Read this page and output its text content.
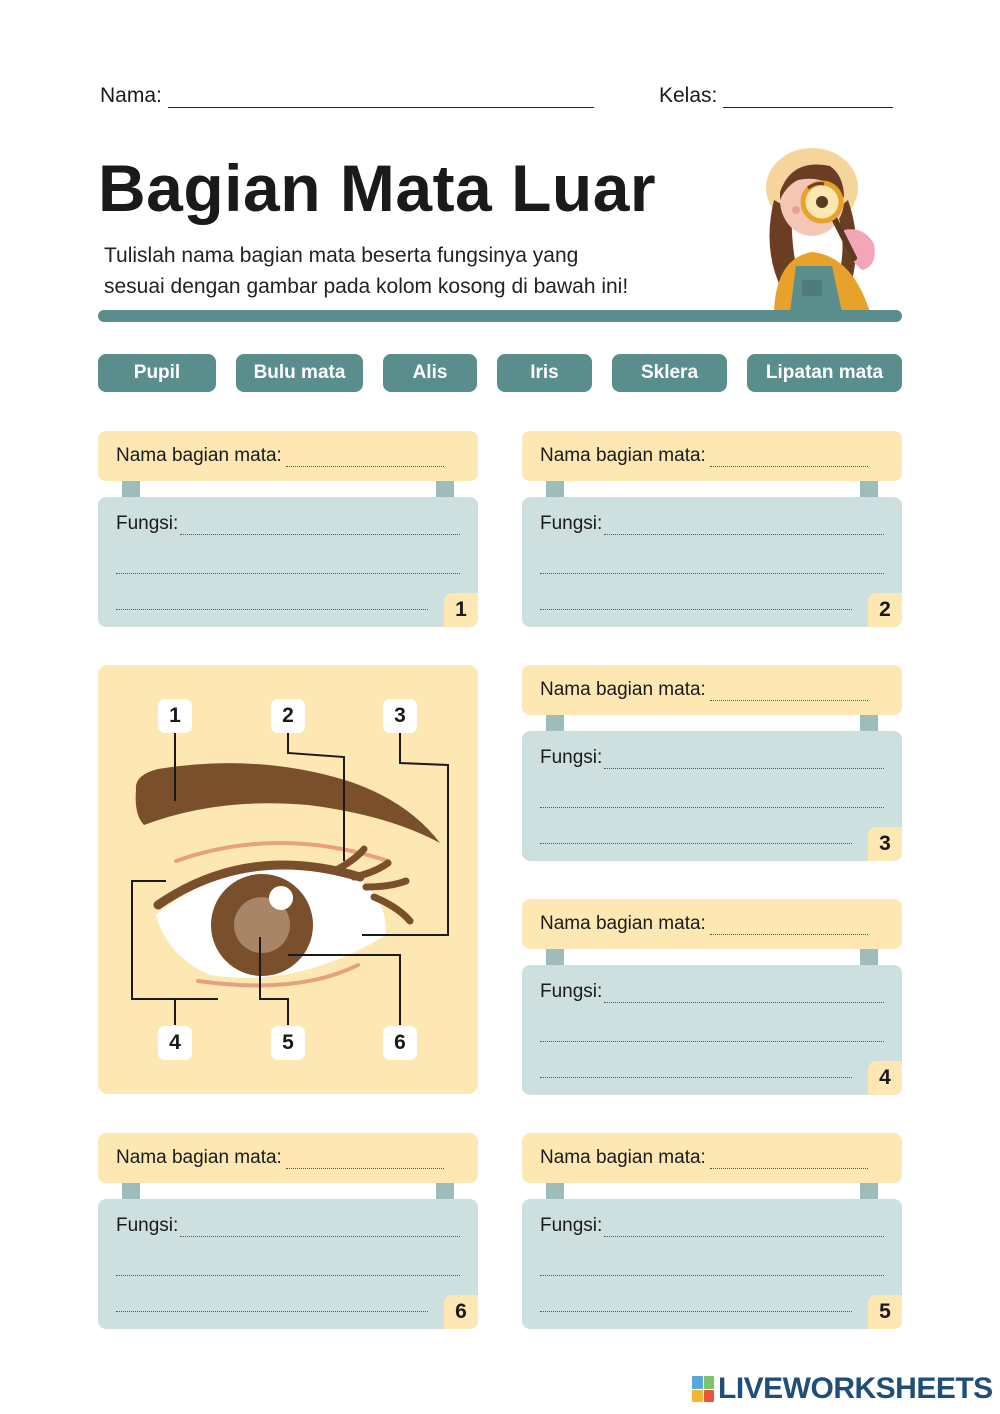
Nama:	Kelas:
Bagian Mata Luar
Tulislah nama bagian mata beserta fungsinya yang
sesuai dengan gambar pada kolom kosong di bawah ini!
Pupil	Bulu mata	Alis	Iris	Sklera	Lipatan mata
Nama bagian mata:
Fungsi:
1
Nama bagian mata:
Fungsi:
2
Nama bagian mata:
Fungsi:
3
Nama bagian mata:
Fungsi:
4
Nama bagian mata:
Fungsi:
6
Nama bagian mata:
Fungsi:
5
1	2	3
4	5	6
LIVEWORKSHEETS
